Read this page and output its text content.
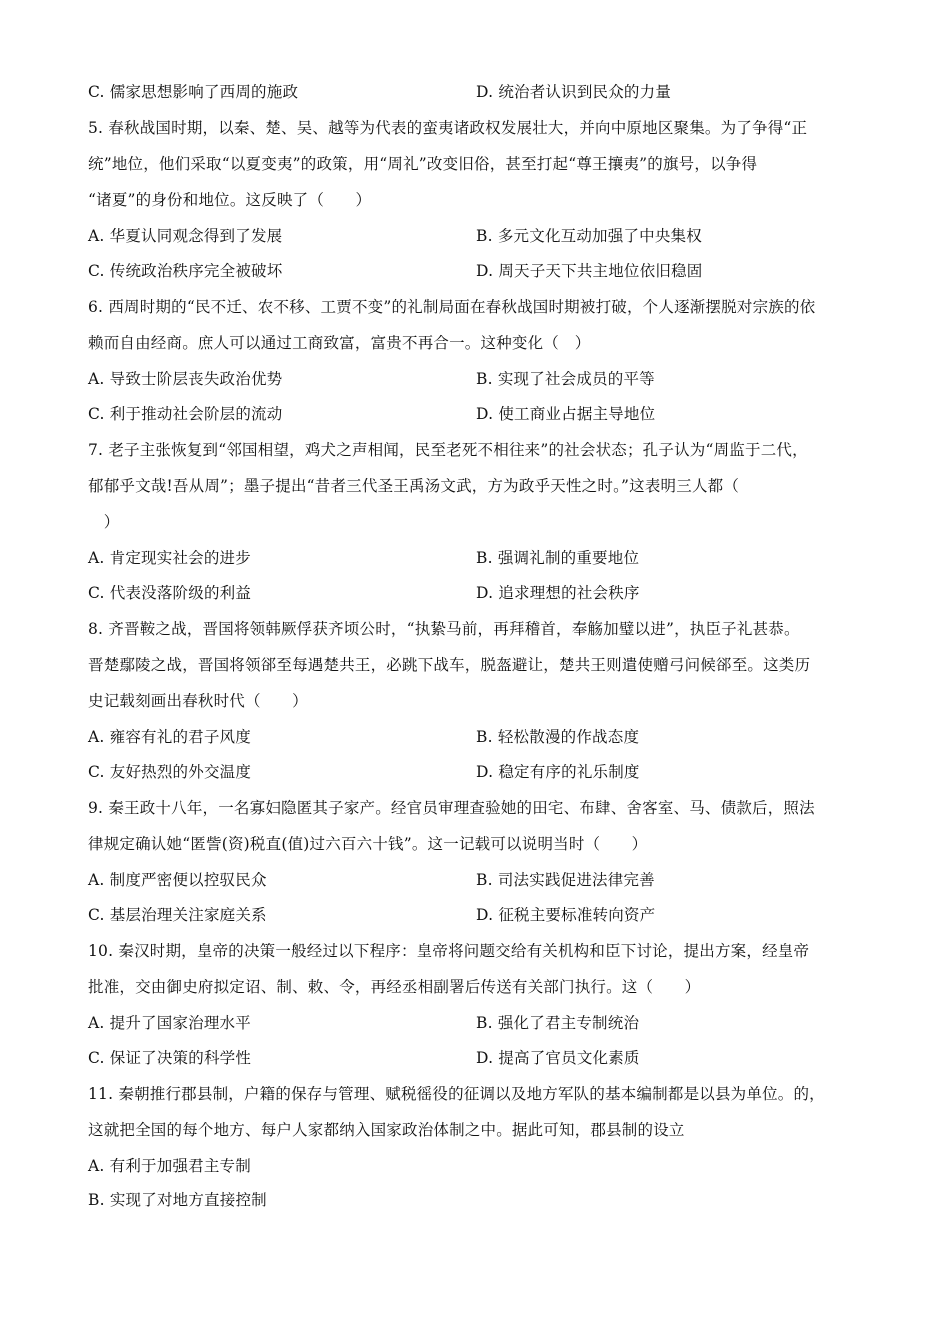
C. 儒家思想影响了西周的施政	D. 统治者认识到民众的力量
5. 春秋战国时期，以秦、楚、吴、越等为代表的蛮夷诸政权发展壮大，并向中原地区聚集。为了争得“正
统”地位，他们采取“以夏变夷”的政策，用“周礼”改变旧俗，甚至打起“尊王攘夷”的旗号，以争得
“诸夏”的身份和地位。这反映了（　　）
A. 华夏认同观念得到了发展	B. 多元文化互动加强了中央集权
C. 传统政治秩序完全被破坏	D. 周天子天下共主地位依旧稳固
6. 西周时期的“民不迁、农不移、工贾不变”的礼制局面在春秋战国时期被打破，个人逐渐摆脱对宗族的依
赖而自由经商。庶人可以通过工商致富，富贵不再合一。这种变化（　）
A. 导致士阶层丧失政治优势	B. 实现了社会成员的平等
C. 利于推动社会阶层的流动	D. 使工商业占据主导地位
7. 老子主张恢复到“邻国相望，鸡犬之声相闻，民至老死不相往来”的社会状态；孔子认为“周监于二代，
郁郁乎文哉!吾从周”；墨子提出“昔者三代圣王禹汤文武，方为政乎天性之时。”这表明三人都（
　）
A. 肯定现实社会的进步	B. 强调礼制的重要地位
C. 代表没落阶级的利益	D. 追求理想的社会秩序
8. 齐晋鞍之战，晋国将领韩厥俘获齐顷公时，“执絷马前，再拜稽首，奉觞加璧以进”，执臣子礼甚恭。
晋楚鄢陵之战，晋国将领郤至每遇楚共王，必跳下战车，脱盔避让，楚共王则遣使赠弓问候郤至。这类历
史记载刻画出春秋时代（　　）
A. 雍容有礼的君子风度	B. 轻松散漫的作战态度
C. 友好热烈的外交温度	D. 稳定有序的礼乐制度
9. 秦王政十八年，一名寡妇隐匿其子家产。经官员审理查验她的田宅、布肆、舍客室、马、债款后，照法
律规定确认她“匿訾(资)税直(值)过六百六十钱”。这一记载可以说明当时（　　）
A. 制度严密便以控驭民众	B. 司法实践促进法律完善
C. 基层治理关注家庭关系	D. 征税主要标准转向资产
10. 秦汉时期，皇帝的决策一般经过以下程序：皇帝将问题交给有关机构和臣下讨论，提出方案，经皇帝
批准，交由御史府拟定诏、制、敕、令，再经丞相副署后传送有关部门执行。这（　　）
A. 提升了国家治理水平	B. 强化了君主专制统治
C. 保证了决策的科学性	D. 提高了官员文化素质
11. 秦朝推行郡县制，户籍的保存与管理、赋税徭役的征调以及地方军队的基本编制都是以县为单位。的，
这就把全国的每个地方、每户人家都纳入国家政治体制之中。据此可知，郡县制的设立
A. 有利于加强君主专制
B. 实现了对地方直接控制
